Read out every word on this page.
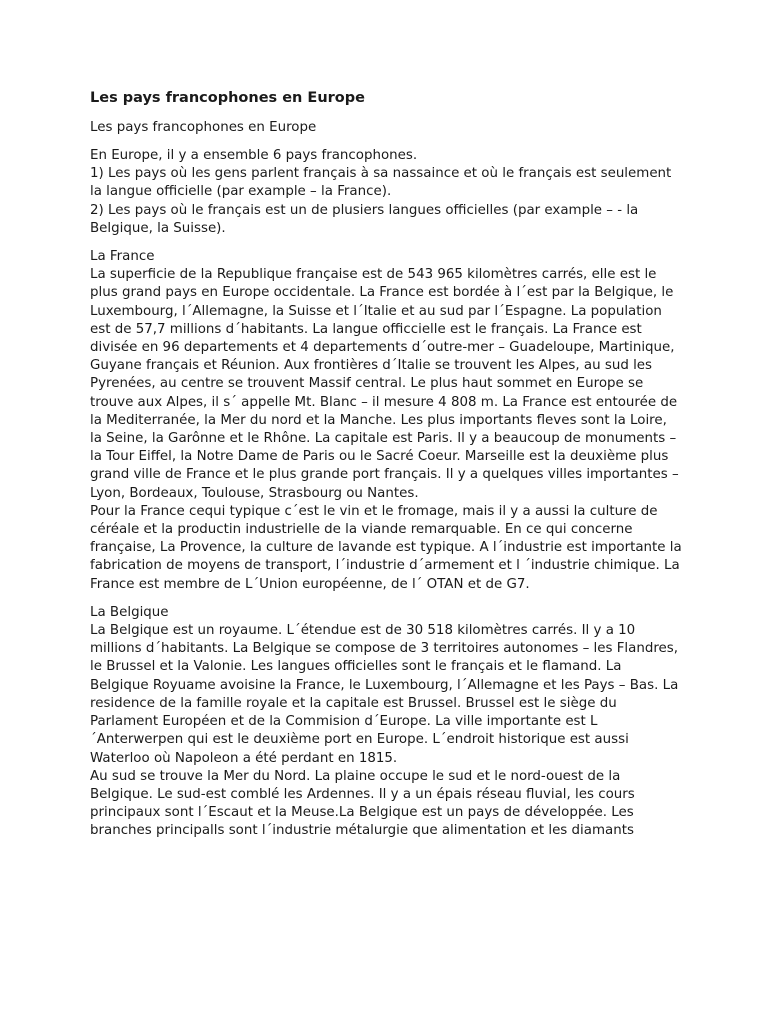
Les pays francophones en Europe

Les pays francophones en Europe

En Europe, il y a ensemble 6 pays francophones.
1) Les pays où les gens parlent français à sa nassaince et où le français est seulement la langue officielle (par example – la France).
2) Les pays où le français est un de plusiers langues officielles (par example – - la Belgique, la Suisse).

La France

La superficie de la Republique française est de 543 965 kilomètres carrés, elle est le plus grand pays en Europe occidentale. La France est bordée à l´est par la Belgique, le Luxembourg, l´Allemagne, la Suisse et l´Italie et au sud par l´Espagne. La population est de 57,7 millions d´habitants. La langue officcielle est le français. La France est divisée en 96 departements et 4 departements d´outre-mer – Guadeloupe, Martinique, Guyane français et Réunion. Aux frontières d´Italie se trouvent les Alpes, au sud les Pyrenées, au centre se trouvent Massif central. Le plus haut sommet en Europe se trouve aux Alpes, il s´ appelle Mt. Blanc – il mesure 4 808 m. La France est entourée de la Mediterranée, la Mer du nord et la Manche. Les plus importants fleves sont la Loire, la Seine, la Garônne et le Rhône. La capitale est Paris. Il y a beaucoup de monuments – la Tour Eiffel, la Notre Dame de Paris ou le Sacré Coeur. Marseille est la deuxième plus grand ville de France et le plus grande port français. Il y a quelques villes importantes – Lyon, Bordeaux, Toulouse, Strasbourg ou Nantes.

Pour la France cequi typique c´est le vin et le fromage, mais il y a aussi la culture de céréale et la productin industrielle de la viande remarquable. En ce qui concerne française, La Provence, la culture de lavande est typique. A l´industrie est importante la fabrication de moyens de transport, l´industrie d´armement et l ´industrie chimique. La France est membre de L´Union européenne, de l´ OTAN et de G7.

La Belgique

La Belgique est un royaume. L´étendue est de 30 518 kilomètres carrés. Il y a 10 millions d´habitants. La Belgique se compose de 3 territoires autonomes – les Flandres, le Brussel et la Valonie. Les langues officielles sont le français et le flamand. La Belgique Royuame avoisine la France, le Luxembourg, l´Allemagne et les Pays – Bas. La residence de la famille royale et la capitale est Brussel. Brussel est le siège du Parlament Européen et de la Commision d´Europe. La ville importante est L´Anterwerpen qui est le deuxième port en Europe. L´endroit historique est aussi Waterloo où Napoleon a été perdant en 1815.

Au sud se trouve la Mer du Nord. La plaine occupe le sud et le nord-ouest de la Belgique. Le sud-est comblé les Ardennes. Il y a un épais réseau fluvial, les cours principaux sont l´Escaut et la Meuse.La Belgique est un pays de développée. Les branches principalls sont l´industrie métalurgie que alimentation et les diamants
